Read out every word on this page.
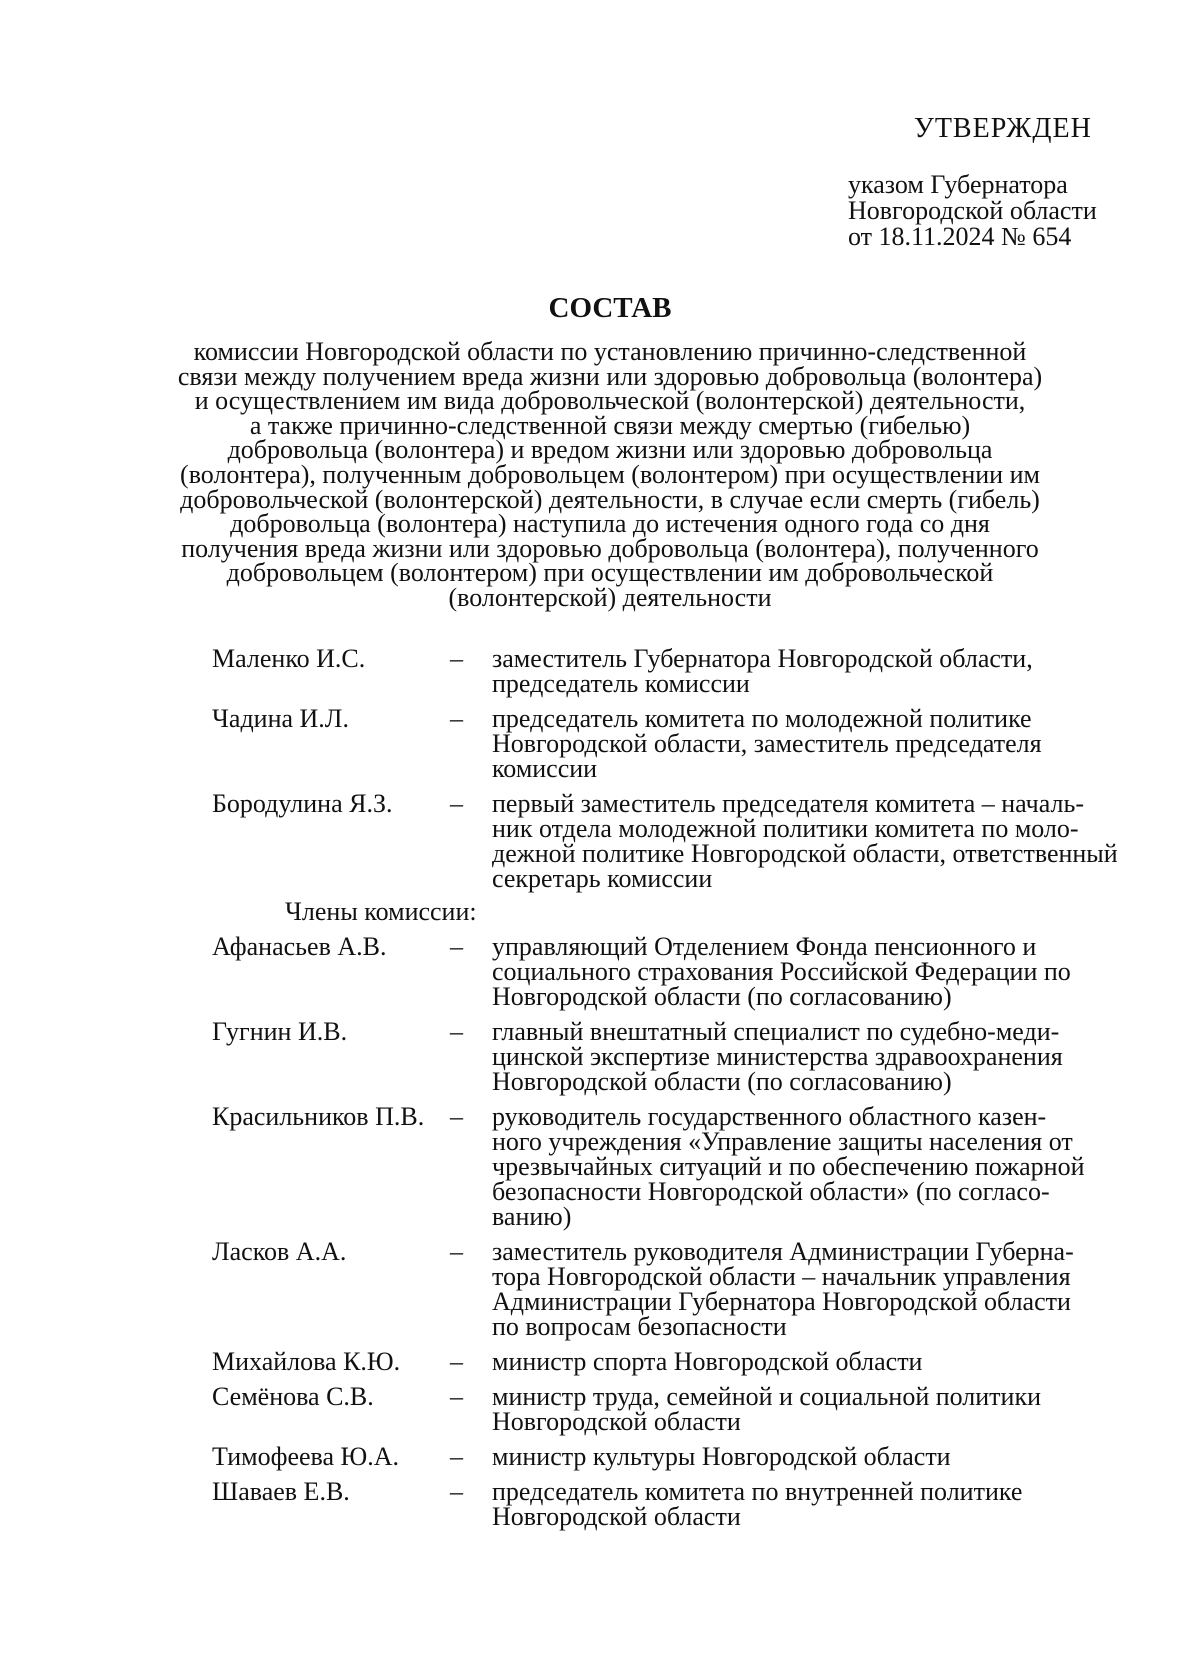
УТВЕРЖДЕН
указом Губернатора
Новгородской области
от 18.11.2024 № 654
СОСТАВ
комиссии Новгородской области по установлению причинно-следственной
связи между получением вреда жизни или здоровью добровольца (волонтера)
и осуществлением им вида добровольческой (волонтерской) деятельности,
а также причинно-следственной связи между смертью (гибелью)
добровольца (волонтера) и вредом жизни или здоровью добровольца
(волонтера), полученным добровольцем (волонтером) при осуществлении им
добровольческой (волонтерской) деятельности, в случае если смерть (гибель)
добровольца (волонтера) наступила до истечения одного года со дня
получения вреда жизни или здоровью добровольца (волонтера), полученного
добровольцем (волонтером) при осуществлении им добровольческой
(волонтерской) деятельности
Маленко И.С.	– заместитель Губернатора Новгородской области,
председатель комиссии
Чадина И.Л.	– председатель комитета по молодежной политике
Новгородской области, заместитель председателя
комиссии
Бородулина Я.З. – первый заместитель председателя комитета – началь-
ник отдела молодежной политики комитета по моло-
дежной политике Новгородской области, ответственный
секретарь комиссии
Члены комиссии:
Афанасьев А.В. – управляющий Отделением Фонда пенсионного и
социального страхования Российской Федерации по
Новгородской области (по согласованию)
Гугнин И.В.	– главный внештатный специалист по судебно-меди-
цинской экспертизе министерства здравоохранения
Новгородской области (по согласованию)
Красильников П.В. – руководитель государственного областного казен-
ного учреждения «Управление защиты населения от
чрезвычайных ситуаций и по обеспечению пожарной
безопасности Новгородской области» (по согласо-
ванию)
Ласков А.А.	– заместитель руководителя Администрации Губерна-
тора Новгородской области – начальник управления
Администрации Губернатора Новгородской области
по вопросам безопасности
Михайлова К.Ю. – министр спорта Новгородской области
Семёнова С.В.	– министр труда, семейной и социальной политики
Новгородской области
Тимофеева Ю.А. – министр культуры Новгородской области
Шаваев Е.В.	– председатель комитета по внутренней политике
Новгородской области
